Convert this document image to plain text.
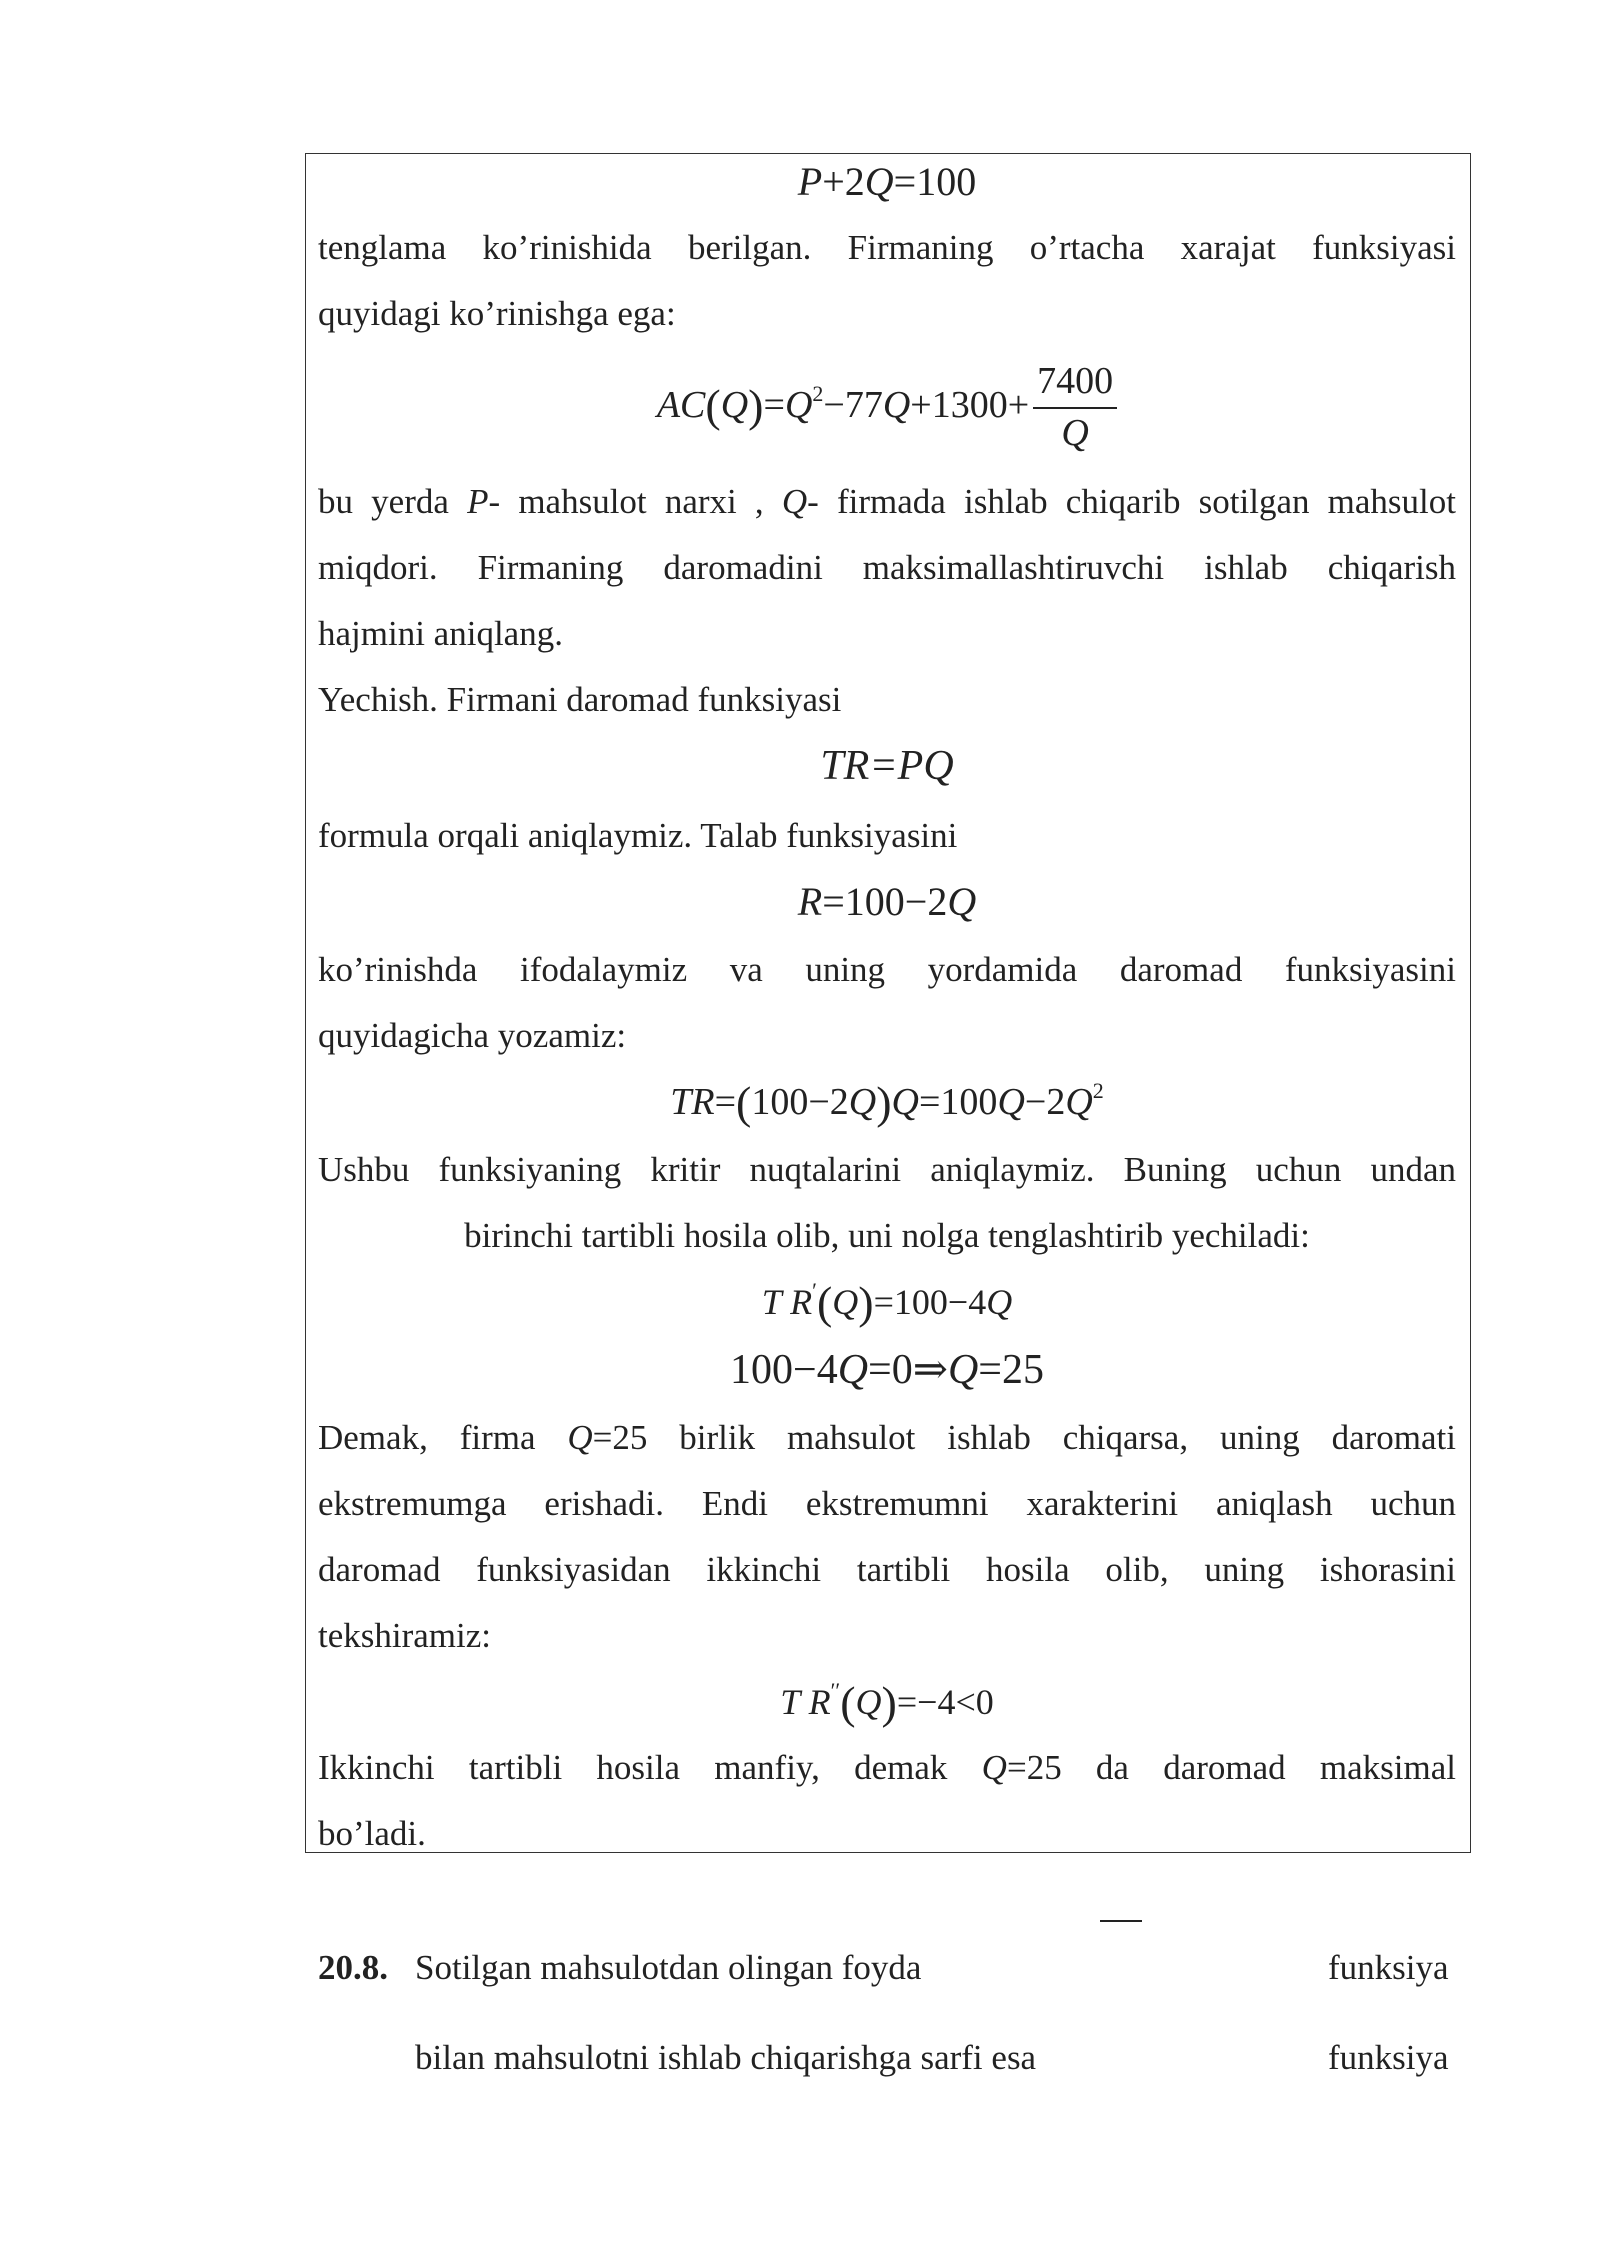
P+2Q=100
tenglama ko’rinishida berilgan. Firmaning o’rtacha xarajat funksiyasi
quyidagi ko’rinishga ega:
$AC(Q)=Q^2-77Q+1300+ \frac{7400}{Q}$
bu yerda P- mahsulot narxi , Q- firmada ishlab chiqarib sotilgan mahsulot
miqdori. Firmaning daromadini maksimallashtiruvchi ishlab chiqarish
hajmini aniqlang.
Yechish. Firmani daromad funksiyasi
TR=PQ
formula orqali aniqlaymiz. Talab funksiyasini
R=100−2Q
ko’rinishda ifodalaymiz va uning yordamida daromad funksiyasini
quyidagicha yozamiz:
$TR=(100-2Q)Q=100Q-2Q^2$
Ushbu funksiyaning kritir nuqtalarini aniqlaymiz. Buning uchun undan
birinchi tartibli hosila olib, uni nolga tenglashtirib yechiladi:
T R′(Q)=100−4Q
100−4Q=0⇒Q=25
Demak, firma Q=25 birlik mahsulot ishlab chiqarsa, uning daromati
ekstremumga erishadi. Endi ekstremumni xarakterini aniqlash uchun
daromad funksiyasidan ikkinchi tartibli hosila olib, uning ishorasini
tekshiramiz:
T R′′(Q)=−4<0
Ikkinchi tartibli hosila manfiy, demak Q=25 da daromad maksimal
bo’ladi.
20.8. Sotilgan mahsulotdan olingan foyda	funksiya
bilan mahsulotni ishlab chiqarishga sarfi esa	funksiya
